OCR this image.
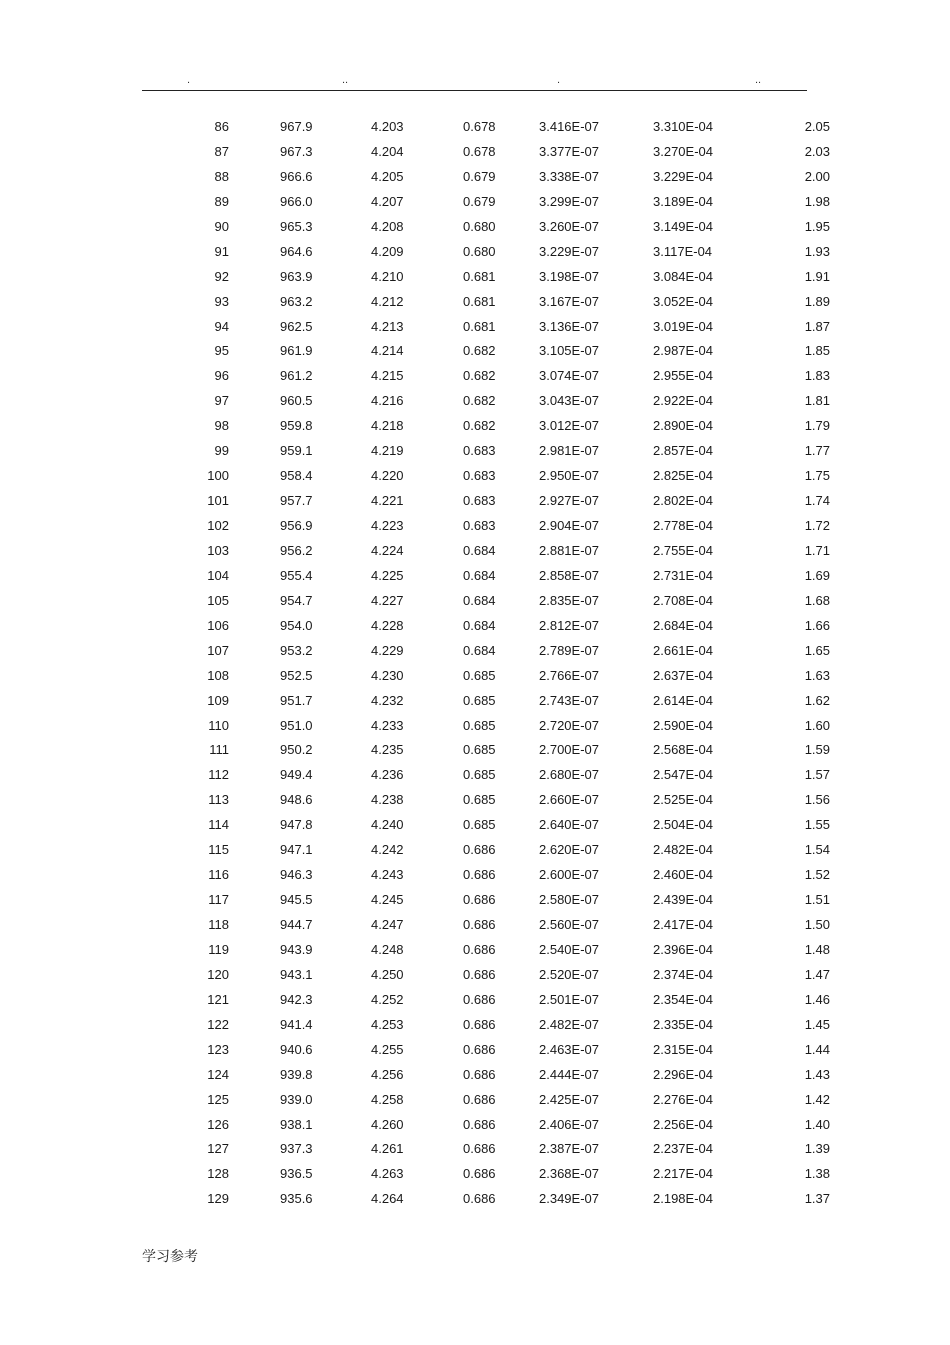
.	..	.	..
86	967.9	4.203	0.678	3.416E-07	3.310E-04	2.05
87	967.3	4.204	0.678	3.377E-07	3.270E-04	2.03
88	966.6	4.205	0.679	3.338E-07	3.229E-04	2.00
89	966.0	4.207	0.679	3.299E-07	3.189E-04	1.98
90	965.3	4.208	0.680	3.260E-07	3.149E-04	1.95
91	964.6	4.209	0.680	3.229E-07	3.117E-04	1.93
92	963.9	4.210	0.681	3.198E-07	3.084E-04	1.91
93	963.2	4.212	0.681	3.167E-07	3.052E-04	1.89
94	962.5	4.213	0.681	3.136E-07	3.019E-04	1.87
95	961.9	4.214	0.682	3.105E-07	2.987E-04	1.85
96	961.2	4.215	0.682	3.074E-07	2.955E-04	1.83
97	960.5	4.216	0.682	3.043E-07	2.922E-04	1.81
98	959.8	4.218	0.682	3.012E-07	2.890E-04	1.79
99	959.1	4.219	0.683	2.981E-07	2.857E-04	1.77
100	958.4	4.220	0.683	2.950E-07	2.825E-04	1.75
101	957.7	4.221	0.683	2.927E-07	2.802E-04	1.74
102	956.9	4.223	0.683	2.904E-07	2.778E-04	1.72
103	956.2	4.224	0.684	2.881E-07	2.755E-04	1.71
104	955.4	4.225	0.684	2.858E-07	2.731E-04	1.69
105	954.7	4.227	0.684	2.835E-07	2.708E-04	1.68
106	954.0	4.228	0.684	2.812E-07	2.684E-04	1.66
107	953.2	4.229	0.684	2.789E-07	2.661E-04	1.65
108	952.5	4.230	0.685	2.766E-07	2.637E-04	1.63
109	951.7	4.232	0.685	2.743E-07	2.614E-04	1.62
110	951.0	4.233	0.685	2.720E-07	2.590E-04	1.60
111	950.2	4.235	0.685	2.700E-07	2.568E-04	1.59
112	949.4	4.236	0.685	2.680E-07	2.547E-04	1.57
113	948.6	4.238	0.685	2.660E-07	2.525E-04	1.56
114	947.8	4.240	0.685	2.640E-07	2.504E-04	1.55
115	947.1	4.242	0.686	2.620E-07	2.482E-04	1.54
116	946.3	4.243	0.686	2.600E-07	2.460E-04	1.52
117	945.5	4.245	0.686	2.580E-07	2.439E-04	1.51
118	944.7	4.247	0.686	2.560E-07	2.417E-04	1.50
119	943.9	4.248	0.686	2.540E-07	2.396E-04	1.48
120	943.1	4.250	0.686	2.520E-07	2.374E-04	1.47
121	942.3	4.252	0.686	2.501E-07	2.354E-04	1.46
122	941.4	4.253	0.686	2.482E-07	2.335E-04	1.45
123	940.6	4.255	0.686	2.463E-07	2.315E-04	1.44
124	939.8	4.256	0.686	2.444E-07	2.296E-04	1.43
125	939.0	4.258	0.686	2.425E-07	2.276E-04	1.42
126	938.1	4.260	0.686	2.406E-07	2.256E-04	1.40
127	937.3	4.261	0.686	2.387E-07	2.237E-04	1.39
128	936.5	4.263	0.686	2.368E-07	2.217E-04	1.38
129	935.6	4.264	0.686	2.349E-07	2.198E-04	1.37
学习参考
